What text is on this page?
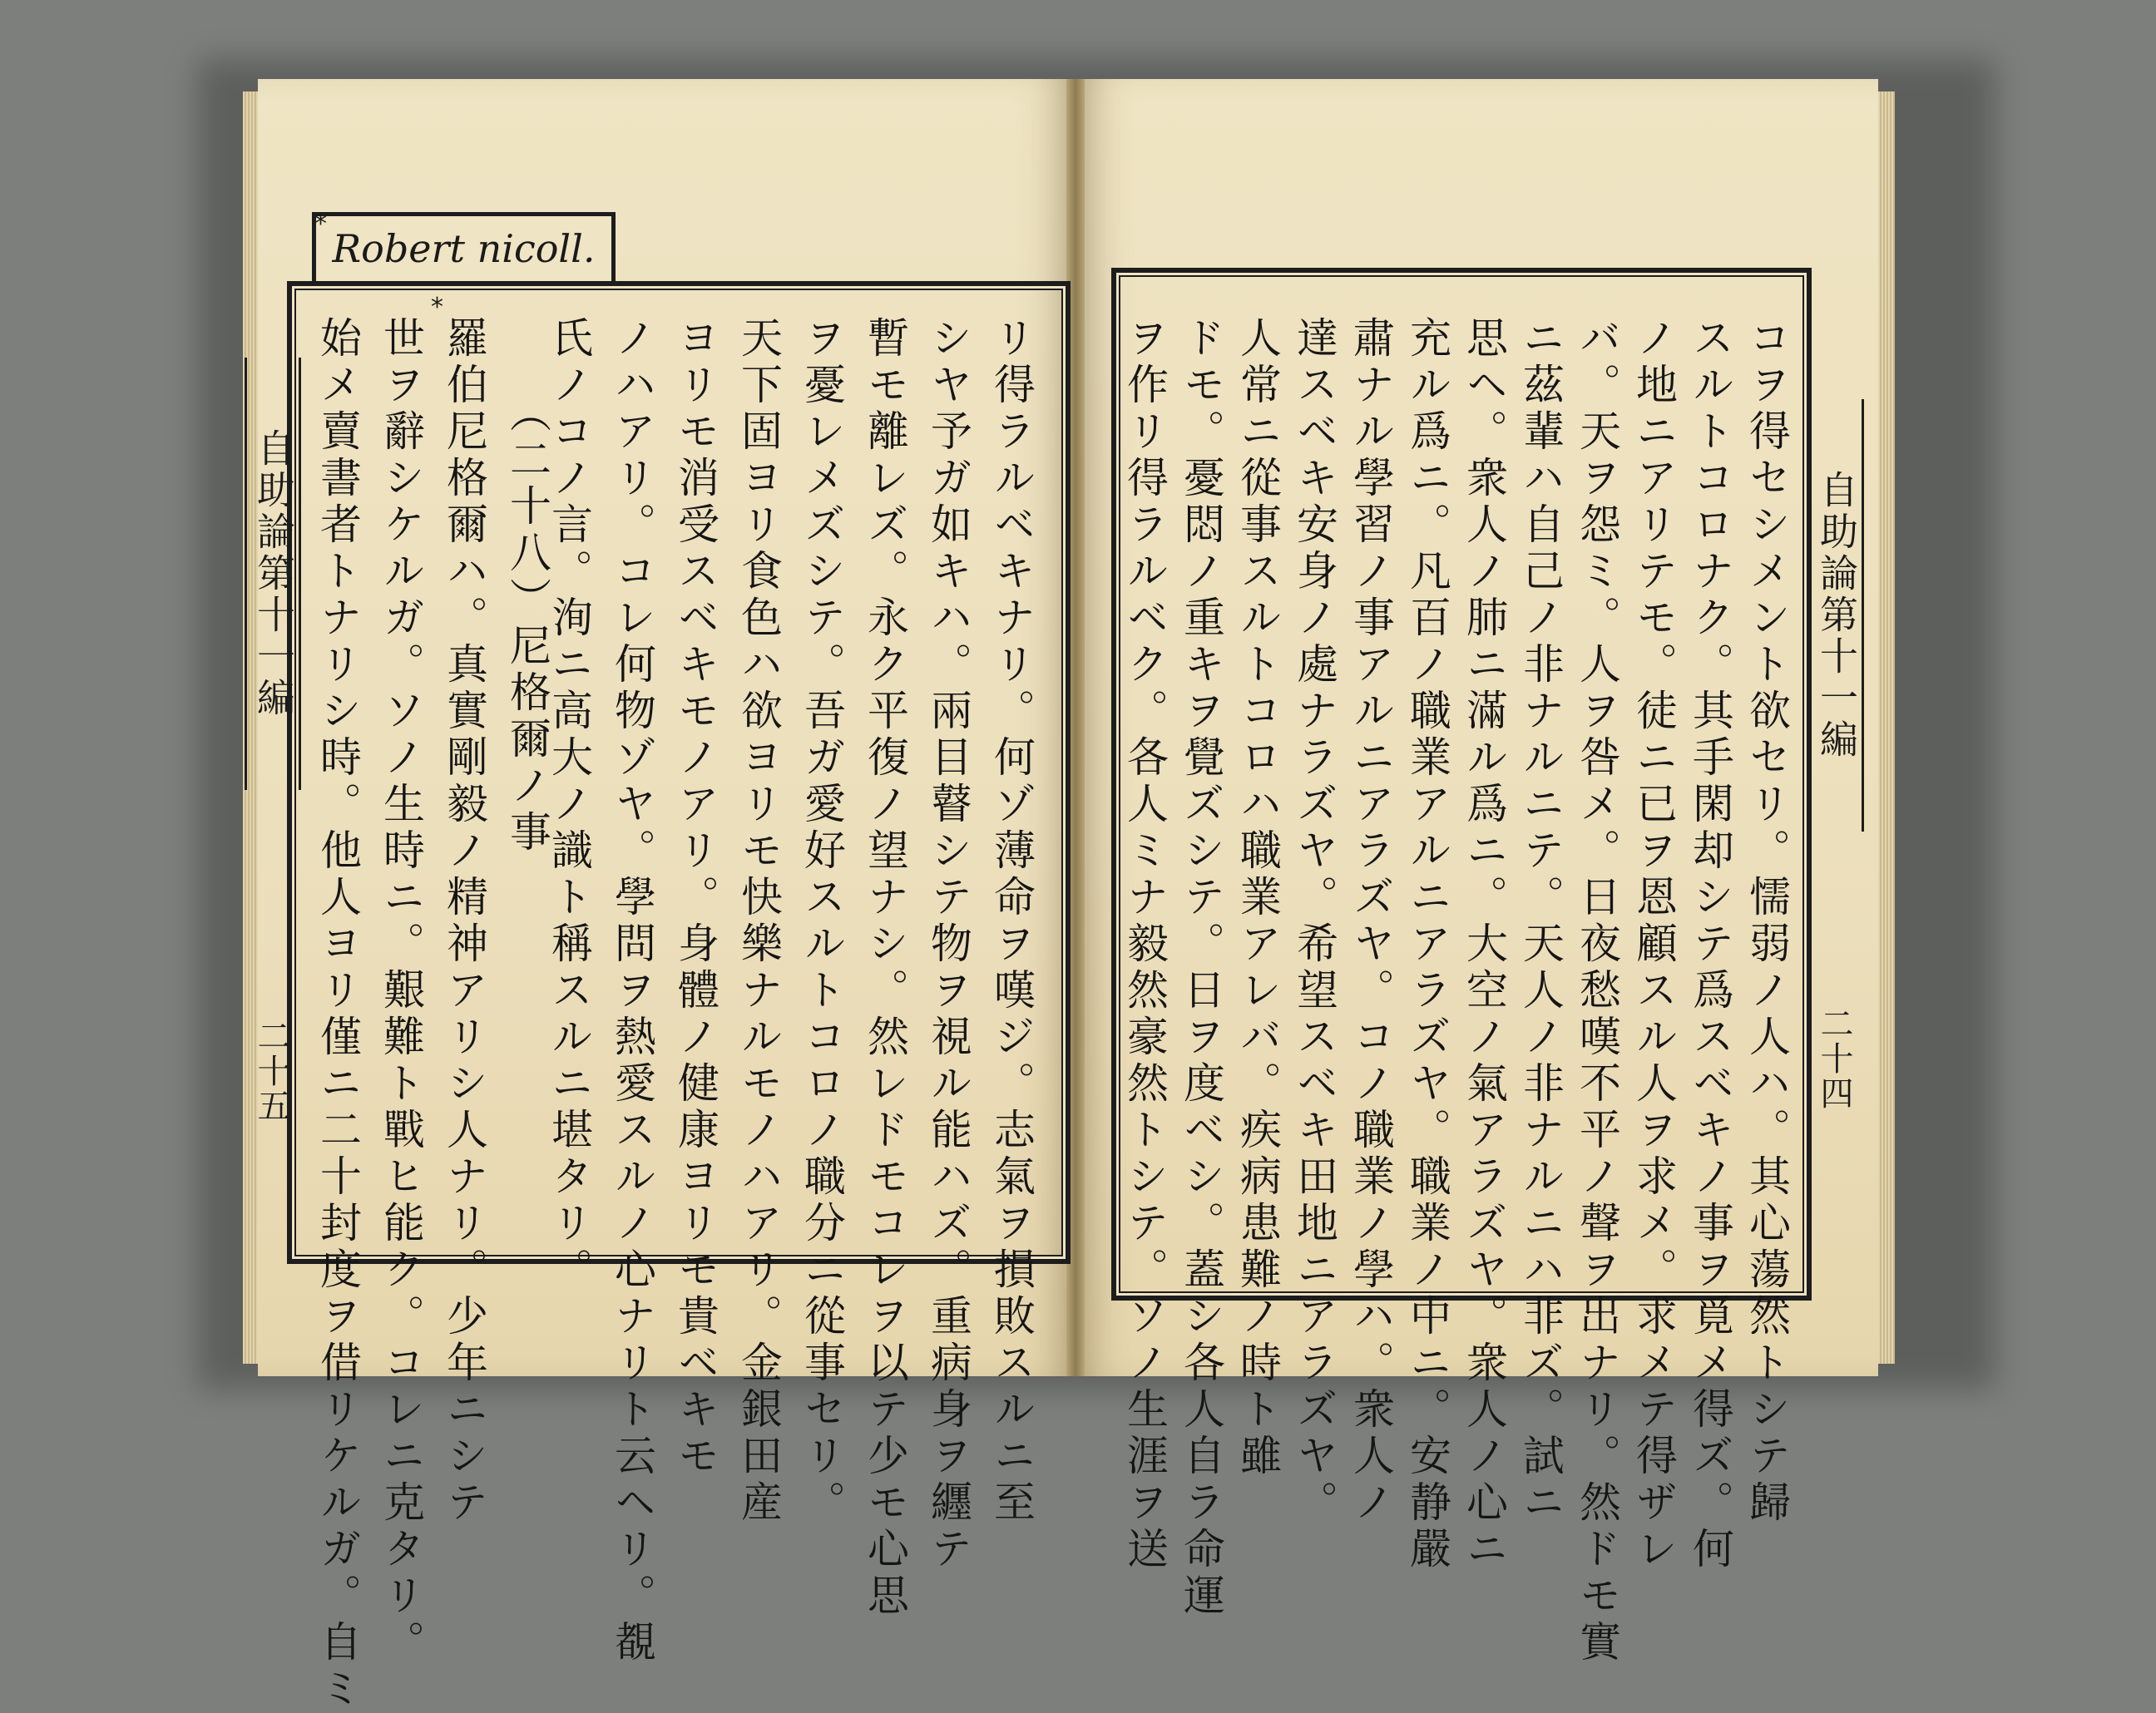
Robert nicoll.
*
*
自助論第十一編	自助論第十一編
二十五	二十四
リ得ラルベキナリ。何ゾ薄命ヲ嘆ジ。志氣ヲ損敗スルニ至
シヤ予ガ如キハ。兩目瞽シテ物ヲ視ル能ハズ。重病身ヲ纒テ
暫モ離レズ。永ク平復ノ望ナシ。然レドモコレヲ以テ少モ心思
ヲ憂レメズシテ。吾ガ愛好スルトコロノ職分ニ從事セリ。
天下固ヨリ食色ハ欲ヨリモ快樂ナルモノハアリ。金銀田産
ヨリモ消受スベキモノアリ。身體ノ健康ヨリモ貴ベキモ
ノハアリ。コレ何物ゾヤ。學問ヲ熱愛スルノ心ナリト云ヘリ。覩
氏ノコノ言。洵ニ高大ノ識ト稱スルニ堪タリ。
（二十八）尼格爾ノ事
羅伯尼格爾ハ。真實剛毅ノ精神アリシ人ナリ。少年ニシテ
世ヲ辭シケルガ。ソノ生時ニ。艱難ト戰ヒ能ク。コレニ克タリ。
始メ賣書者トナリシ時。他人ヨリ僅ニ二十封度ヲ借リケルガ。自ミ	コヲ得セシメント欲セリ。懦弱ノ人ハ。其心蕩然トシテ歸
スルトコロナク。其手閑却シテ爲スベキノ事ヲ覓メ得ズ。何
ノ地ニアリテモ。徒ニ已ヲ恩顧スル人ヲ求メ。求メテ得ザレ
バ。天ヲ怨ミ。人ヲ咎メ。日夜愁嘆不平ノ聲ヲ出ナリ。然ドモ實
ニ茲輩ハ自己ノ非ナルニテ。天人ノ非ナルニハ非ズ。試ニ
思ヘ。衆人ノ肺ニ滿ル爲ニ。大空ノ氣アラズヤ。衆人ノ心ニ
充ル爲ニ。凡百ノ職業アルニアラズヤ。職業ノ中ニ。安静嚴
肅ナル學習ノ事アルニアラズヤ。コノ職業ノ學ハ。衆人ノ
達スベキ安身ノ處ナラズヤ。希望スベキ田地ニアラズヤ。
人常ニ從事スルトコロハ職業アレバ。疾病患難ノ時ト雖
ドモ。憂悶ノ重キヲ覺ズシテ。日ヲ度ベシ。蓋シ各人自ラ命運
ヲ作リ得ラルベク。各人ミナ毅然豪然トシテ。ソノ生涯ヲ送
